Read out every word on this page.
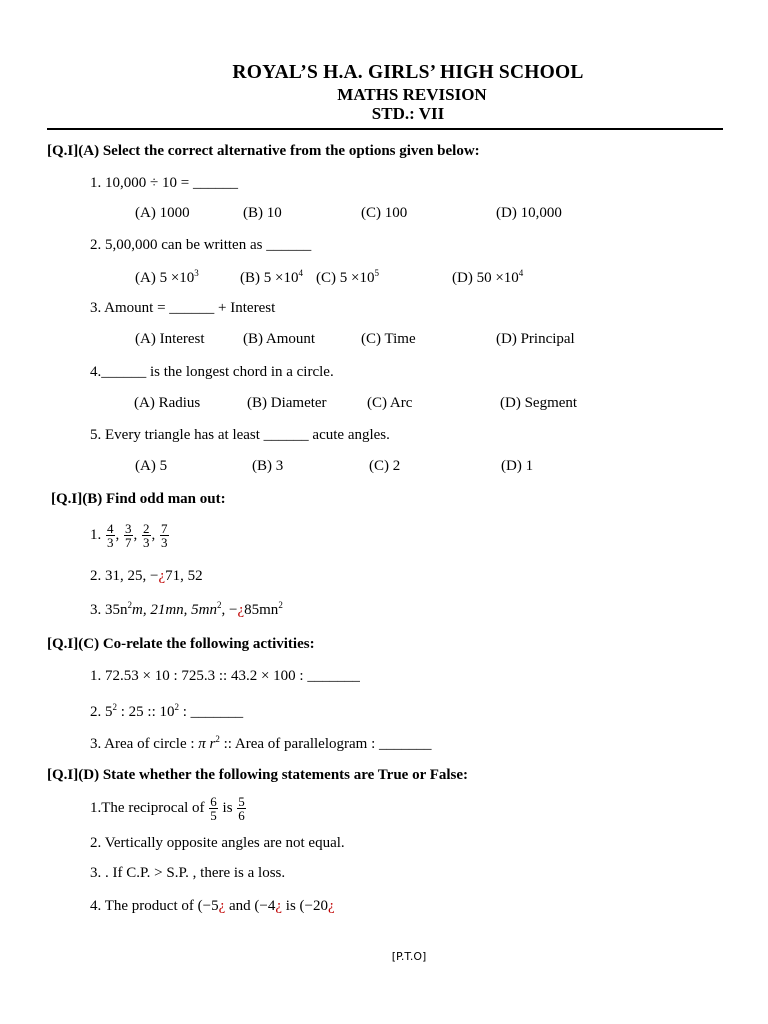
ROYAL’S H.A. GIRLS’ HIGH SCHOOL
MATHS REVISION
STD.: VII
[Q.I](A) Select the correct alternative from the options given below:
1. 10,000 ÷ 10 = ______
(A) 1000	(B) 10	(C) 100	(D) 10,000
2. 5,00,000 can be written as ______
(A) $5 \times 10^3$	(B) $5 \times 10^4$ (C) $5 \times 10^5$	(D) $50 \times 10^4$
3. Amount = ______ + Interest
(A) Interest	(B) Amount	(C) Time	(D) Principal
4.______ is the longest chord in a circle.
(A) Radius	(B) Diameter	(C) Arc	(D) Segment
5. Every triangle has at least ______ acute angles.
(A) 5	(B) 3	(C) 2	(D) 1
[Q.I](B) Find odd man out:
1. $\frac{4}{3}$ , $\frac{3}{7}$ , $\frac{2}{3}$ , $\frac{7}{3}$
2. 31, 25, −¿71, 52
3. $35n^2m$, 21mn, $5mn^2$, $-¿85mn^2$
[Q.I](C) Co-relate the following activities:
1. 72.53 × 10 : 725.3 :: 43.2 × 100 : _______
2. $5^2$ : 25 :: $10^2$ : _______
3. Area of circle : π $r^2$ :: Area of parallelogram : _______
[Q.I](D) State whether the following statements are True or False:
1.The reciprocal of $\frac{6}{5}$ is $\frac{5}{6}$
2. Vertically opposite angles are not equal.
3. . If C.P. > S.P. , there is a loss.
4. The product of (−5¿ and (−4¿ is (−20¿
[P.T.O]
